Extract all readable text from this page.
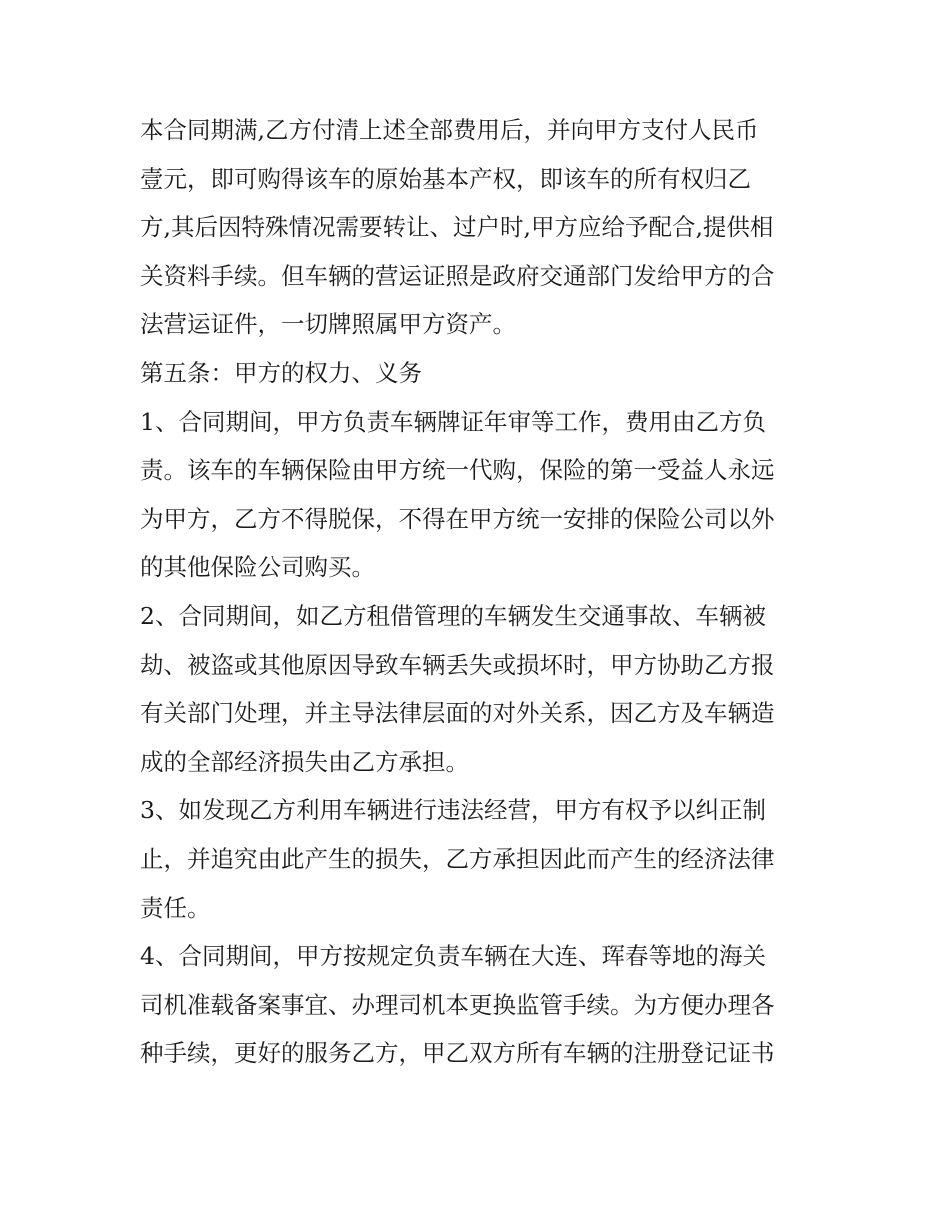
本合同期满,乙方付清上述全部费用后，并向甲方支付人民币
壹元，即可购得该车的原始基本产权，即该车的所有权归乙
方,其后因特殊情况需要转让、过户时,甲方应给予配合,提供相
关资料手续。但车辆的营运证照是政府交通部门发给甲方的合
法营运证件，一切牌照属甲方资产。
第五条：甲方的权力、义务
1、合同期间，甲方负责车辆牌证年审等工作，费用由乙方负
责。该车的车辆保险由甲方统一代购，保险的第一受益人永远
为甲方，乙方不得脱保，不得在甲方统一安排的保险公司以外
的其他保险公司购买。
2、合同期间，如乙方租借管理的车辆发生交通事故、车辆被
劫、被盗或其他原因导致车辆丢失或损坏时，甲方协助乙方报
有关部门处理，并主导法律层面的对外关系，因乙方及车辆造
成的全部经济损失由乙方承担。
3、如发现乙方利用车辆进行违法经营，甲方有权予以纠正制
止，并追究由此产生的损失，乙方承担因此而产生的经济法律
责任。
4、合同期间，甲方按规定负责车辆在大连、珲春等地的海关
司机准载备案事宜、办理司机本更换监管手续。为方便办理各
种手续，更好的服务乙方，甲乙双方所有车辆的注册登记证书
